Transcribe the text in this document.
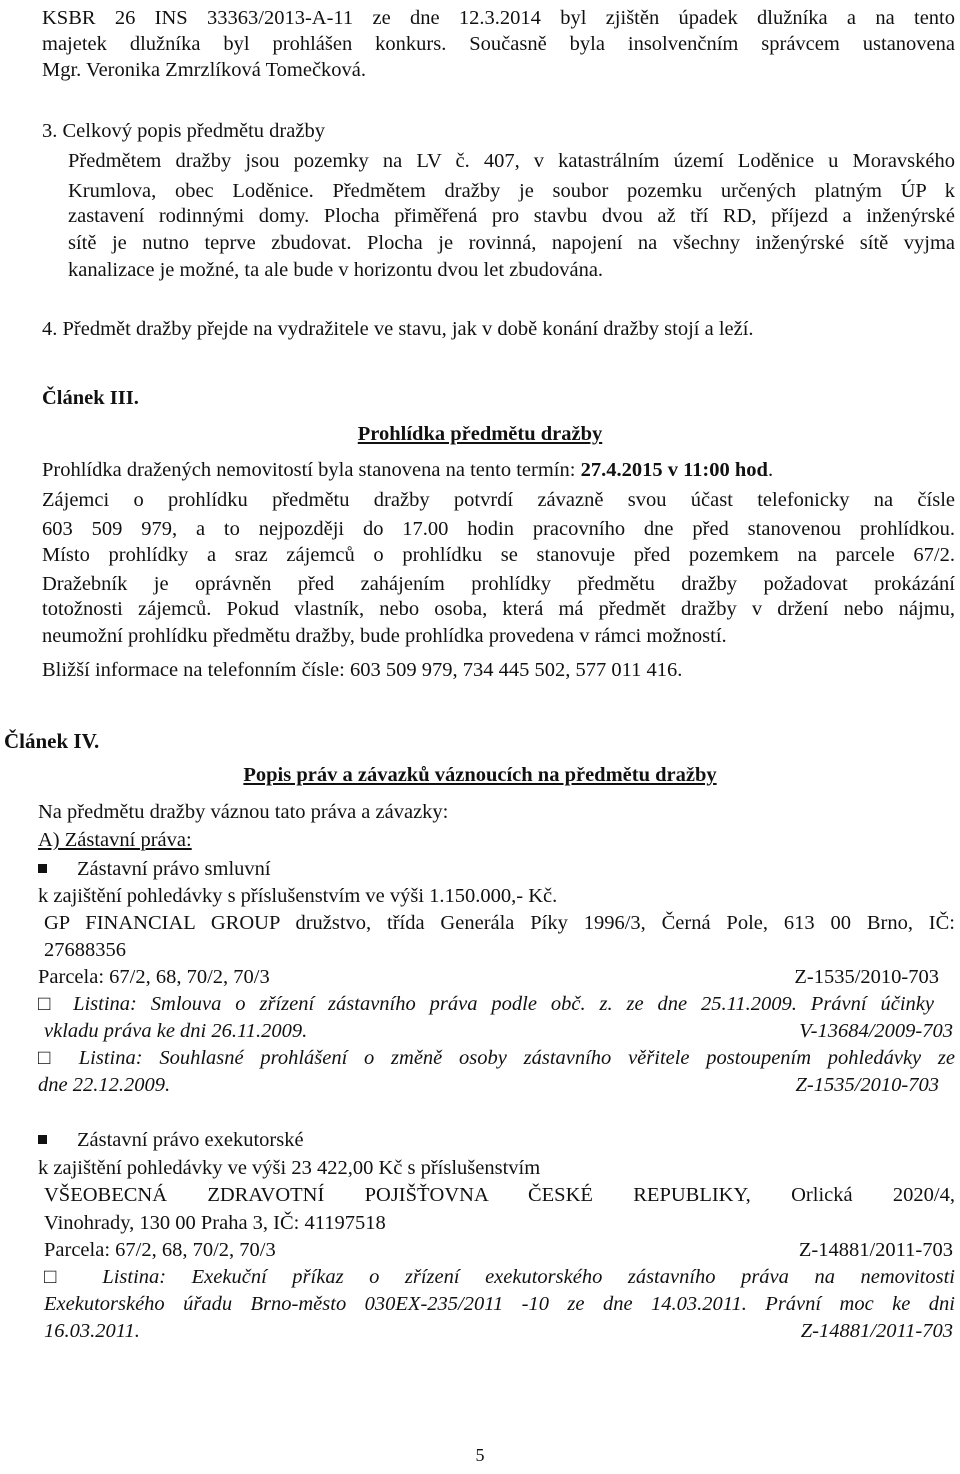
KSBR 26 INS 33363/2013-A-11 ze dne 12.3.2014 byl zjištěn úpadek dlužníka a na tento
majetek dlužníka byl prohlášen konkurs. Současně byla insolvenčním správcem ustanovena
Mgr. Veronika Zmrzlíková Tomečková.
3. Celkový popis předmětu dražby
Předmětem dražby jsou pozemky na LV č. 407, v katastrálním území Loděnice u Moravského
Krumlova, obec Loděnice. Předmětem dražby je soubor pozemku určených platným ÚP k
zastavení rodinnými domy. Plocha přiměřená pro stavbu dvou až tří RD, příjezd a inženýrské
sítě je nutno teprve zbudovat. Plocha je rovinná, napojení na všechny inženýrské sítě vyjma
kanalizace je možné, ta ale bude v horizontu dvou let zbudována.
4. Předmět dražby přejde na vydražitele ve stavu, jak v době konání dražby stojí a leží.
Článek III.
Prohlídka předmětu dražby
Prohlídka dražených nemovitostí byla stanovena na tento termín: 27.4.2015 v 11:00 hod.
Zájemci o prohlídku předmětu dražby potvrdí závazně svou účast telefonicky na čísle
603 509 979, a to nejpozději do 17.00 hodin pracovního dne před stanovenou prohlídkou.
Místo prohlídky a sraz zájemců o prohlídku se stanovuje před pozemkem na parcele 67/2.
Dražebník je oprávněn před zahájením prohlídky předmětu dražby požadovat prokázání
totožnosti zájemců. Pokud vlastník, nebo osoba, která má předmět dražby v držení nebo nájmu,
neumožní prohlídku předmětu dražby, bude prohlídka provedena v rámci možností.
Bližší informace na telefonním čísle: 603 509 979, 734 445 502, 577 011 416.
Článek IV.
Popis práv a závazků váznoucích na předmětu dražby
Na předmětu dražby váznou tato práva a závazky:
A) Zástavní práva:
Zástavní právo smluvní
k zajištění pohledávky s příslušenstvím ve výši 1.150.000,- Kč.
GP FINANCIAL GROUP družstvo, třída Generála Píky 1996/3, Černá Pole, 613 00 Brno, IČ:
27688356
Parcela: 67/2, 68, 70/2, 70/3	Z-1535/2010-703
□ Listina: Smlouva o zřízení zástavního práva podle obč. z. ze dne 25.11.2009. Právní účinky
vkladu práva ke dni 26.11.2009.	V-13684/2009-703
□ Listina: Souhlasné prohlášení o změně osoby zástavního věřitele postoupením pohledávky ze
dne 22.12.2009.	Z-1535/2010-703
Zástavní právo exekutorské
k zajištění pohledávky ve výši 23 422,00 Kč s příslušenstvím
VŠEOBECNÁ ZDRAVOTNÍ POJIŠŤOVNA ČESKÉ REPUBLIKY, Orlická 2020/4,
Vinohrady, 130 00 Praha 3, IČ: 41197518
Parcela: 67/2, 68, 70/2, 70/3	Z-14881/2011-703
□ Listina: Exekuční příkaz o zřízení exekutorského zástavního práva na nemovitosti
Exekutorského úřadu Brno-město 030EX-235/2011 -10 ze dne 14.03.2011. Právní moc ke dni
16.03.2011.	Z-14881/2011-703
5
